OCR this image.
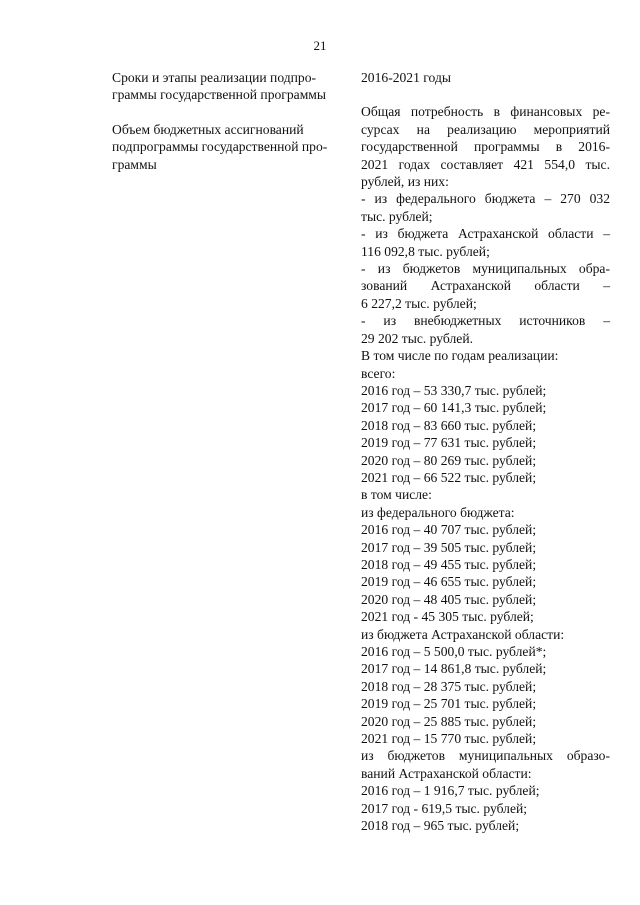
21

Сроки и этапы реализации подпро-

граммы государственной программы

Объем бюджетных ассигнований

подпрограммы государственной про-

граммы

2016-2021 годы

Общая потребность в финансовых ре-

сурсах на реализацию мероприятий

государственной программы в 2016-

2021 годах составляет 421 554,0 тыс.

рублей, из них:

- из федерального бюджета – 270 032

тыс. рублей;

- из бюджета Астраханской области –

116 092,8 тыс. рублей;

- из бюджетов муниципальных обра-

зований Астраханской области –

6 227,2 тыс. рублей;

- из внебюджетных источников –

29 202 тыс. рублей.

В том числе по годам реализации:

всего:

2016 год – 53 330,7 тыс. рублей;

2017 год – 60 141,3 тыс. рублей;

2018 год – 83 660 тыс. рублей;

2019 год – 77 631 тыс. рублей;

2020 год – 80 269 тыс. рублей;

2021 год – 66 522 тыс. рублей;

в том числе:

из федерального бюджета:

2016 год – 40 707 тыс. рублей;

2017 год – 39 505 тыс. рублей;

2018 год – 49 455 тыс. рублей;

2019 год – 46 655 тыс. рублей;

2020 год – 48 405 тыс. рублей;

2021 год - 45 305 тыс. рублей;

из бюджета Астраханской области:

2016 год – 5 500,0 тыс. рублей*;

2017 год – 14 861,8 тыс. рублей;

2018 год – 28 375 тыс. рублей;

2019 год – 25 701 тыс. рублей;

2020 год – 25 885 тыс. рублей;

2021 год – 15 770 тыс. рублей;

из бюджетов муниципальных образо-

ваний Астраханской области:

2016 год – 1 916,7 тыс. рублей;

2017 год - 619,5 тыс. рублей;

2018 год – 965 тыс. рублей;
